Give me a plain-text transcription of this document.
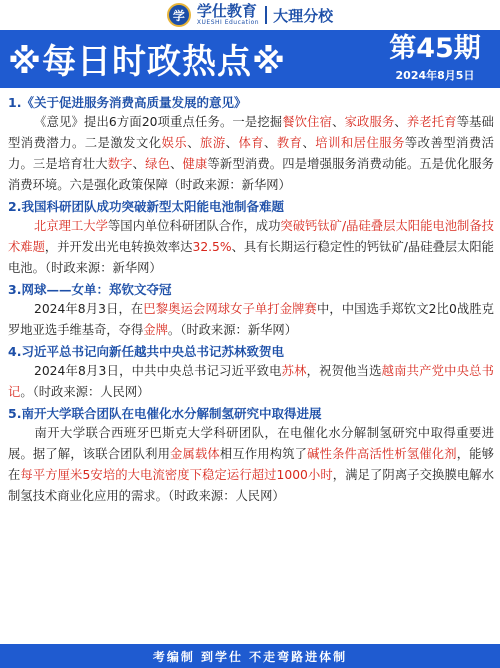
学 学仕教育
XUESHI Education 大理分校
※每日时政热点※	第45期
2024年8月5日
1.《关于促进服务消费高质量发展的意见》
《意见》提出6方面20项重点任务。一是挖掘餐饮住宿、家政服务、养老托育等基础型消费潜力。二是激发文化娱乐、旅游、体育、教育、培训和居住服务等改善型消费活力。三是培育壮大数字、绿色、健康等新型消费。四是增强服务消费动能。五是优化服务消费环境。六是强化政策保障（时政来源：新华网）
2.我国科研团队成功突破新型太阳能电池制备难题
北京理工大学等国内单位科研团队合作，成功突破钙钛矿/晶硅叠层太阳能电池制备技术难题，并开发出光电转换效率达32.5%、具有长期运行稳定性的钙钛矿/晶硅叠层太阳能电池。（时政来源：新华网）
3.网球——女单：郑钦文夺冠
2024年8月3日，在巴黎奥运会网球女子单打金牌赛中，中国选手郑钦文2比0战胜克罗地亚选手维基奇，夺得金牌。（时政来源：新华网）
4.习近平总书记向新任越共中央总书记苏林致贺电
2024年8月3日，中共中央总书记习近平致电苏林，祝贺他当选越南共产党中央总书记。（时政来源：人民网）
5.南开大学联合团队在电催化水分解制氢研究中取得进展
南开大学联合西班牙巴斯克大学科研团队，在电催化水分解制氢研究中取得重要进展。据了解，该联合团队利用金属载体相互作用构筑了碱性条件高活性析氢催化剂，能够在每平方厘米5安培的大电流密度下稳定运行超过1000小时，满足了阴离子交换膜电解水制氢技术商业化应用的需求。（时政来源：人民网）
考编制 到学仕 不走弯路进体制
